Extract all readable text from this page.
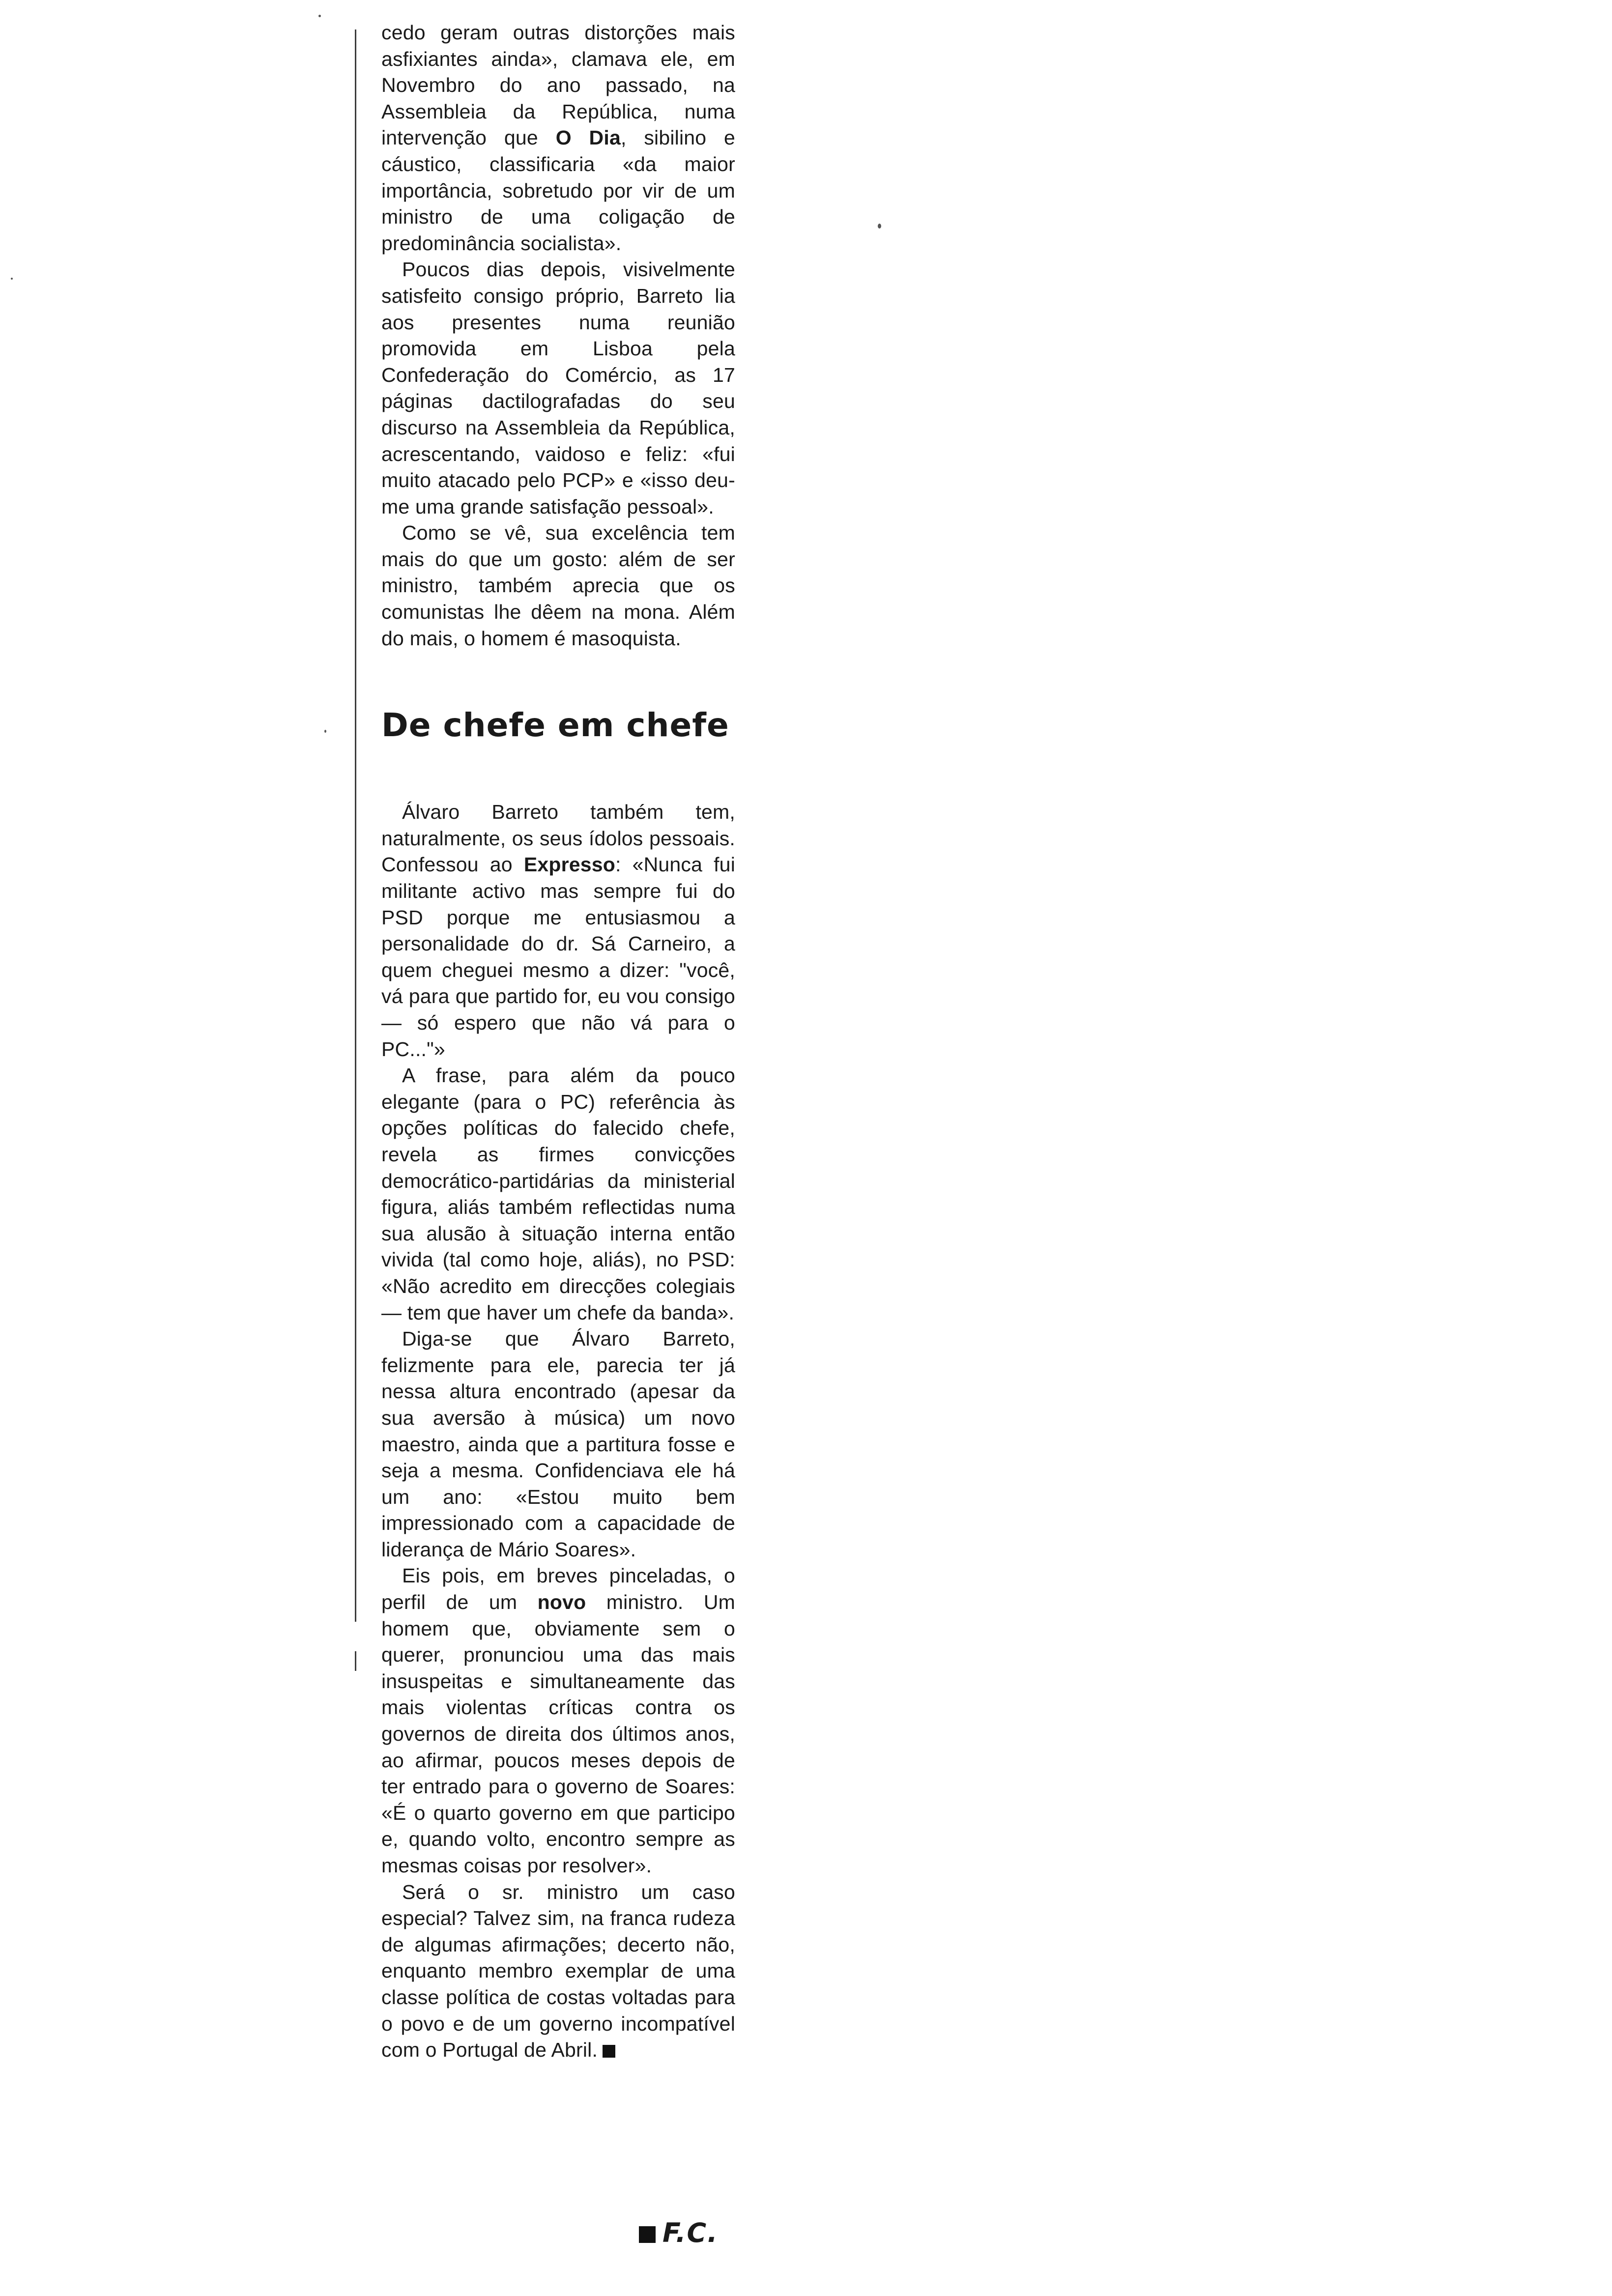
cedo geram outras distorções mais asfixiantes ainda», clamava ele, em Novembro do ano passado, na Assembleia da República, numa intervenção que O Dia, sibilino e cáustico, classificaria «da maior importância, sobretudo por vir de um ministro de uma coligação de predominância socialista».

Poucos dias depois, visivelmente satisfeito consigo próprio, Barreto lia aos presentes numa reunião promovida em Lisboa pela Confederação do Comércio, as 17 páginas dactilografadas do seu discurso na Assembleia da República, acrescentando, vaidoso e feliz: «fui muito atacado pelo PCP» e «isso deu-me uma grande satisfação pessoal».

Como se vê, sua excelência tem mais do que um gosto: além de ser ministro, também aprecia que os comunistas lhe dêem na mona. Além do mais, o homem é masoquista.

De chefe em chefe

Álvaro Barreto também tem, naturalmente, os seus ídolos pessoais. Confessou ao Expresso: «Nunca fui militante activo mas sempre fui do PSD porque me entusiasmou a personalidade do dr. Sá Carneiro, a quem cheguei mesmo a dizer: "você, vá para que partido for, eu vou consigo — só espero que não vá para o PC..."»

A frase, para além da pouco elegante (para o PC) referência às opções políticas do falecido chefe, revela as firmes convicções democrático-partidárias da ministerial figura, aliás também reflectidas numa sua alusão à situação interna então vivida (tal como hoje, aliás), no PSD: «Não acredito em direcções colegiais — tem que haver um chefe da banda».

Diga-se que Álvaro Barreto, felizmente para ele, parecia ter já nessa altura encontrado (apesar da sua aversão à música) um novo maestro, ainda que a partitura fosse e seja a mesma. Confidenciava ele há um ano: «Estou muito bem impressionado com a capacidade de liderança de Mário Soares».

Eis pois, em breves pinceladas, o perfil de um novo ministro. Um homem que, obviamente sem o querer, pronunciou uma das mais insuspeitas e simultaneamente das mais violentas críticas contra os governos de direita dos últimos anos, ao afirmar, poucos meses depois de ter entrado para o governo de Soares: «É o quarto governo em que participo e, quando volto, encontro sempre as mesmas coisas por resolver».

Será o sr. ministro um caso especial? Talvez sim, na franca rudeza de algumas afirmações; decerto não, enquanto membro exemplar de uma classe política de costas voltadas para o povo e de um governo incompatível com o Portugal de Abril.

F.C.
